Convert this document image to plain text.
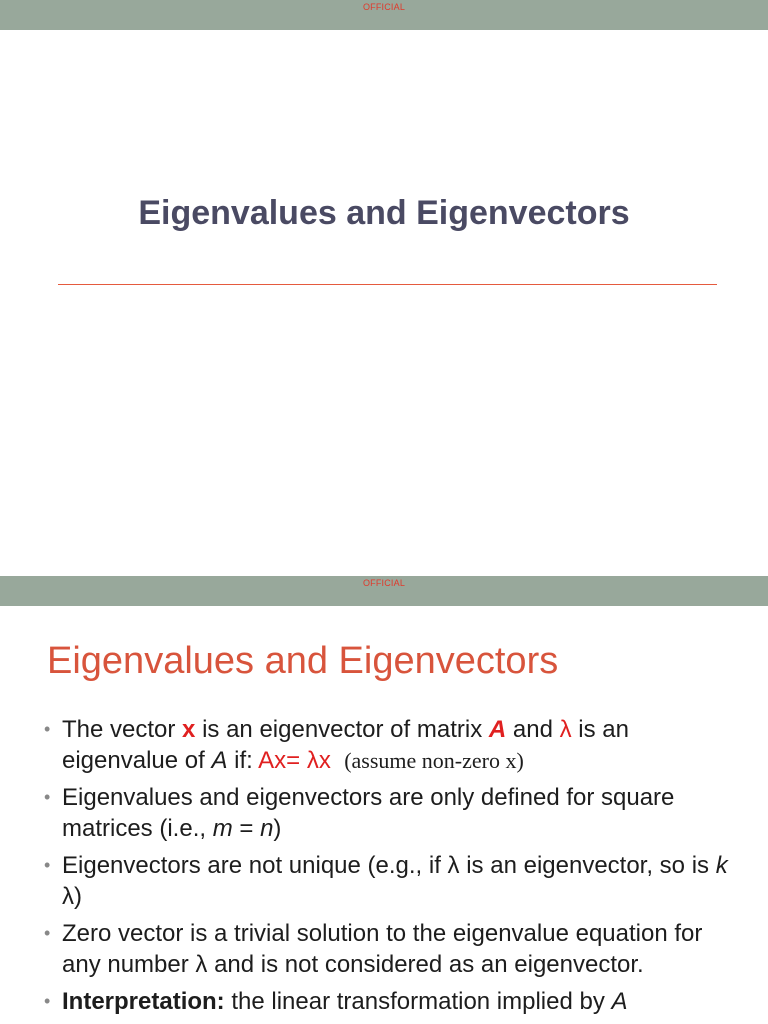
OFFICIAL
Eigenvalues and Eigenvectors
OFFICIAL
Eigenvalues and Eigenvectors
• The vector x is an eigenvector of matrix A and λ is an eigenvalue of A if: Ax= λx (assume non-zero x)
• Eigenvalues and eigenvectors are only defined for square matrices (i.e., m = n)
• Eigenvectors are not unique (e.g., if λ is an eigenvector, so is k λ)
• Zero vector is a trivial solution to the eigenvalue equation for any number λ and is not considered as an eigenvector.
• Interpretation: the linear transformation implied by A
